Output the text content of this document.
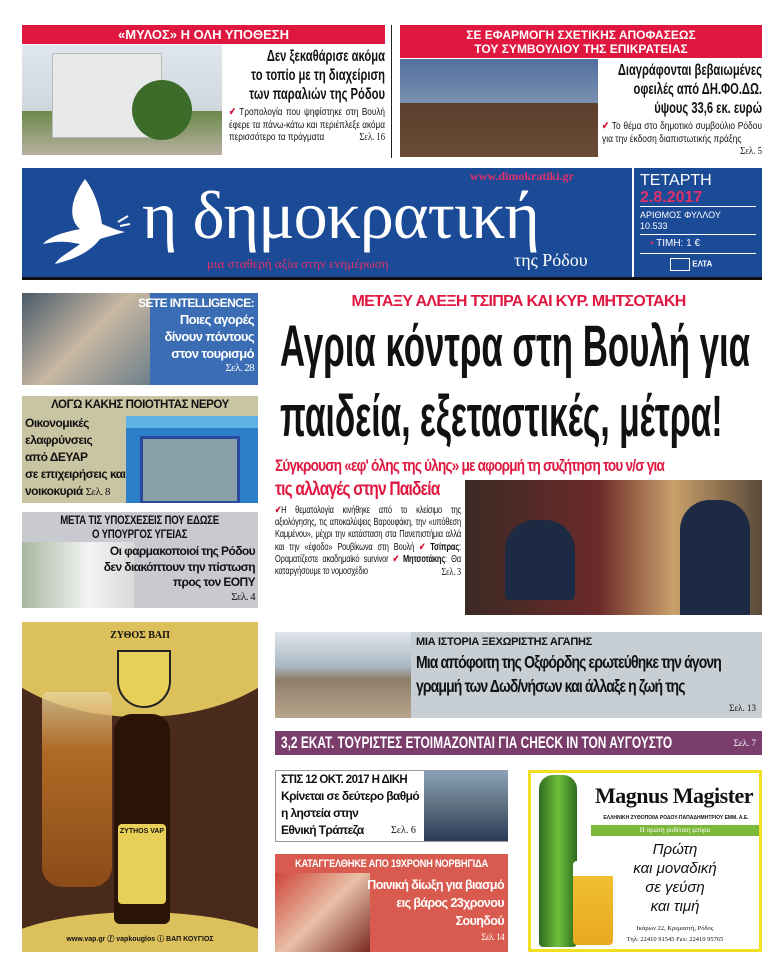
«ΜΥΛΟΣ» Η ΟΛΗ ΥΠΟΘΕΣΗ
Δεν ξεκαθάρισε ακόμα
το τοπίο με τη διαχείριση
των παραλιών της Ρόδου
✔ Τροπολογία που ψηφίστηκε στη Βουλή έφερε τα πάνω-κάτω και περιέπλεξε ακόμα περισσότερο τα πράγματα	Σελ. 16
ΣΕ ΕΦΑΡΜΟΓΗ ΣΧΕΤΙΚΗΣ ΑΠΟΦΑΣΕΩΣ
ΤΟΥ ΣΥΜΒΟΥΛΙΟΥ ΤΗΣ ΕΠΙΚΡΑΤΕΙΑΣ
Διαγράφονται βεβαιωμένες
οφειλές από ΔΗ.ΦΟ.ΔΩ.
ύψους 33,6 εκ. ευρώ
✔ Το θέμα στο δημοτικό συμβούλιο Ρόδου για την έκδοση διαπιστωτικής πράξης
Σελ. 5
www.dimokratiki.gr
η δημοκρατική
της Ρόδου
μια σταθερή αξία στην ενημέρωση
ΤΕΤΑΡΤΗ
2.8.2017
ΑΡΙΘΜΟΣ ΦΥΛΛΟΥ
10.533
• ΤΙΜΗ: 1 €
ΕΛΤΑ
SETE INTELLIGENCE:
Ποιες αγορές
δίνουν πόντους
στον τουρισμό
Σελ. 28
ΛΟΓΩ ΚΑΚΗΣ ΠΟΙΟΤΗΤΑΣ ΝΕΡΟΥ
Οικονομικές
ελαφρύνσεις
από ΔΕΥΑΡ
σε επιχειρήσεις και
νοικοκυριά Σελ. 8
ΜΕΤΑ ΤΙΣ ΥΠΟΣΧΕΣΕΙΣ ΠΟΥ ΕΔΩΣΕ
Ο ΥΠΟΥΡΓΟΣ ΥΓΕΙΑΣ
Οι φαρμακοποιοί της Ρόδου
δεν διακόπτουν την πίστωση
προς τον ΕΟΠΥ
Σελ. 4
ΖΥΘΟΣ ΒΑΠ
ZYTHOS VAP
www.vap.gr ⓕ vapkouglos ⓘ ΒΑΠ ΚΟΥΓΙΟΣ
ΜΕΤΑΞΥ ΑΛΕΞΗ ΤΣΙΠΡΑ ΚΑΙ ΚΥΡ. ΜΗΤΣΟΤΑΚΗ
Αγρια κόντρα στη Βουλή για
παιδεία, εξεταστικές, μέτρα!
Σύγκρουση «εφ' όλης της ύλης» με αφορμή τη συζήτηση του ν/σ για
τις αλλαγές στην Παιδεία
✔Η θεματολογία κινήθηκε από το κλείσιμο της αξιολόγησης, τις αποκαλύψεις Βαρουφάκη, την «υπόθεση Καμμένου», μέχρι την κατάσταση στα Πανεπιστήμια αλλά και την «έφοδο» Ρουβίκωνα στη Βουλή ✔ Τσίπρας: Οραματίζεστε ακαδημαϊκό survivor ✔ Μητσοτάκης: Θα καταργήσουμε το νομοσχέδιο	Σελ. 3
ΜΙΑ ΙΣΤΟΡΙΑ ΞΕΧΩΡΙΣΤΗΣ ΑΓΑΠΗΣ
Μια απόφοιτη της Οξφόρδης ερωτεύθηκε την άγονη
γραμμή των Δωδ/νήσων και άλλαξε η ζωή της
Σελ. 13
3,2 ΕΚΑΤ. ΤΟΥΡΙΣΤΕΣ ΕΤΟΙΜΑΖΟΝΤΑΙ ΓΙΑ CHECK IN ΤΟΝ ΑΥΓΟΥΣΤΟ	Σελ. 7
ΣΤΙΣ 12 ΟΚΤ. 2017 Η ΔΙΚΗ
Κρίνεται σε δεύτερο βαθμό
η ληστεία στην
Εθνική Τράπεζα	Σελ. 6
ΚΑΤΑΓΓΕΛΘΗΚΕ ΑΠΟ 19ΧΡΟΝΗ ΝΟΡΒΗΓΙΔΑ
Ποινική δίωξη για βιασμό
εις βάρος 23χρονου
Σουηδού
Σελ. 14
Magnus Magister
ΕΛΛΗΝΙΚΗ ΖΥΘΟΠΟΙΙΑ ΡΟΔΟΥ-ΠΑΠΑΔΗΜΗΤΡΙΟΥ ΕΜΜ. Α.Ε.
Η πρώτη ροδίτικη μπύρα
Πρώτη
και μοναδική
σε γεύση
και τιμή
Ικάρων 22, Κρεμαστή, Ρόδος
Τηλ: 22410 91545 Fax: 22410 95765
